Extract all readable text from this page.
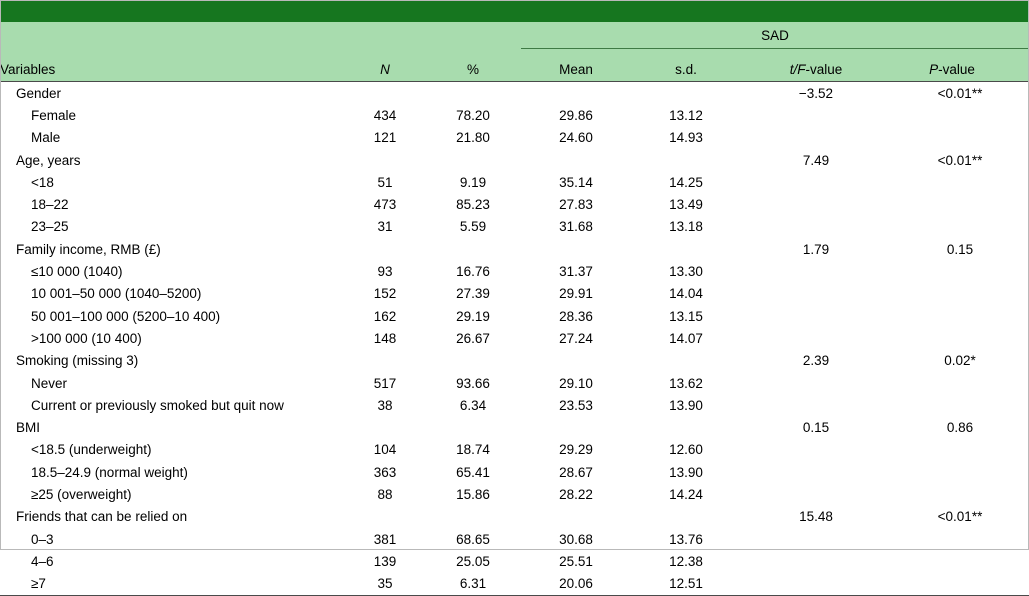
			SAD			
Variables	N	%	Mean	s.d.	t/F-value	P-value
Gender					−3.52	<0.01**
Female	434	78.20	29.86	13.12		
Male	121	21.80	24.60	14.93		
Age, years					7.49	<0.01**
<18	51	9.19	35.14	14.25		
18–22	473	85.23	27.83	13.49		
23–25	31	5.59	31.68	13.18		
Family income, RMB (£)					1.79	0.15
≤10 000 (1040)	93	16.76	31.37	13.30		
10 001–50 000 (1040–5200)	152	27.39	29.91	14.04		
50 001–100 000 (5200–10 400)	162	29.19	28.36	13.15		
>100 000 (10 400)	148	26.67	27.24	14.07		
Smoking (missing 3)					2.39	0.02*
Never	517	93.66	29.10	13.62		
Current or previously smoked but quit now	38	6.34	23.53	13.90		
BMI					0.15	0.86
<18.5 (underweight)	104	18.74	29.29	12.60		
18.5–24.9 (normal weight)	363	65.41	28.67	13.90		
≥25 (overweight)	88	15.86	28.22	14.24		
Friends that can be relied on					15.48	<0.01**
0–3	381	68.65	30.68	13.76		
4–6	139	25.05	25.51	12.38		
≥7	35	6.31	20.06	12.51		
